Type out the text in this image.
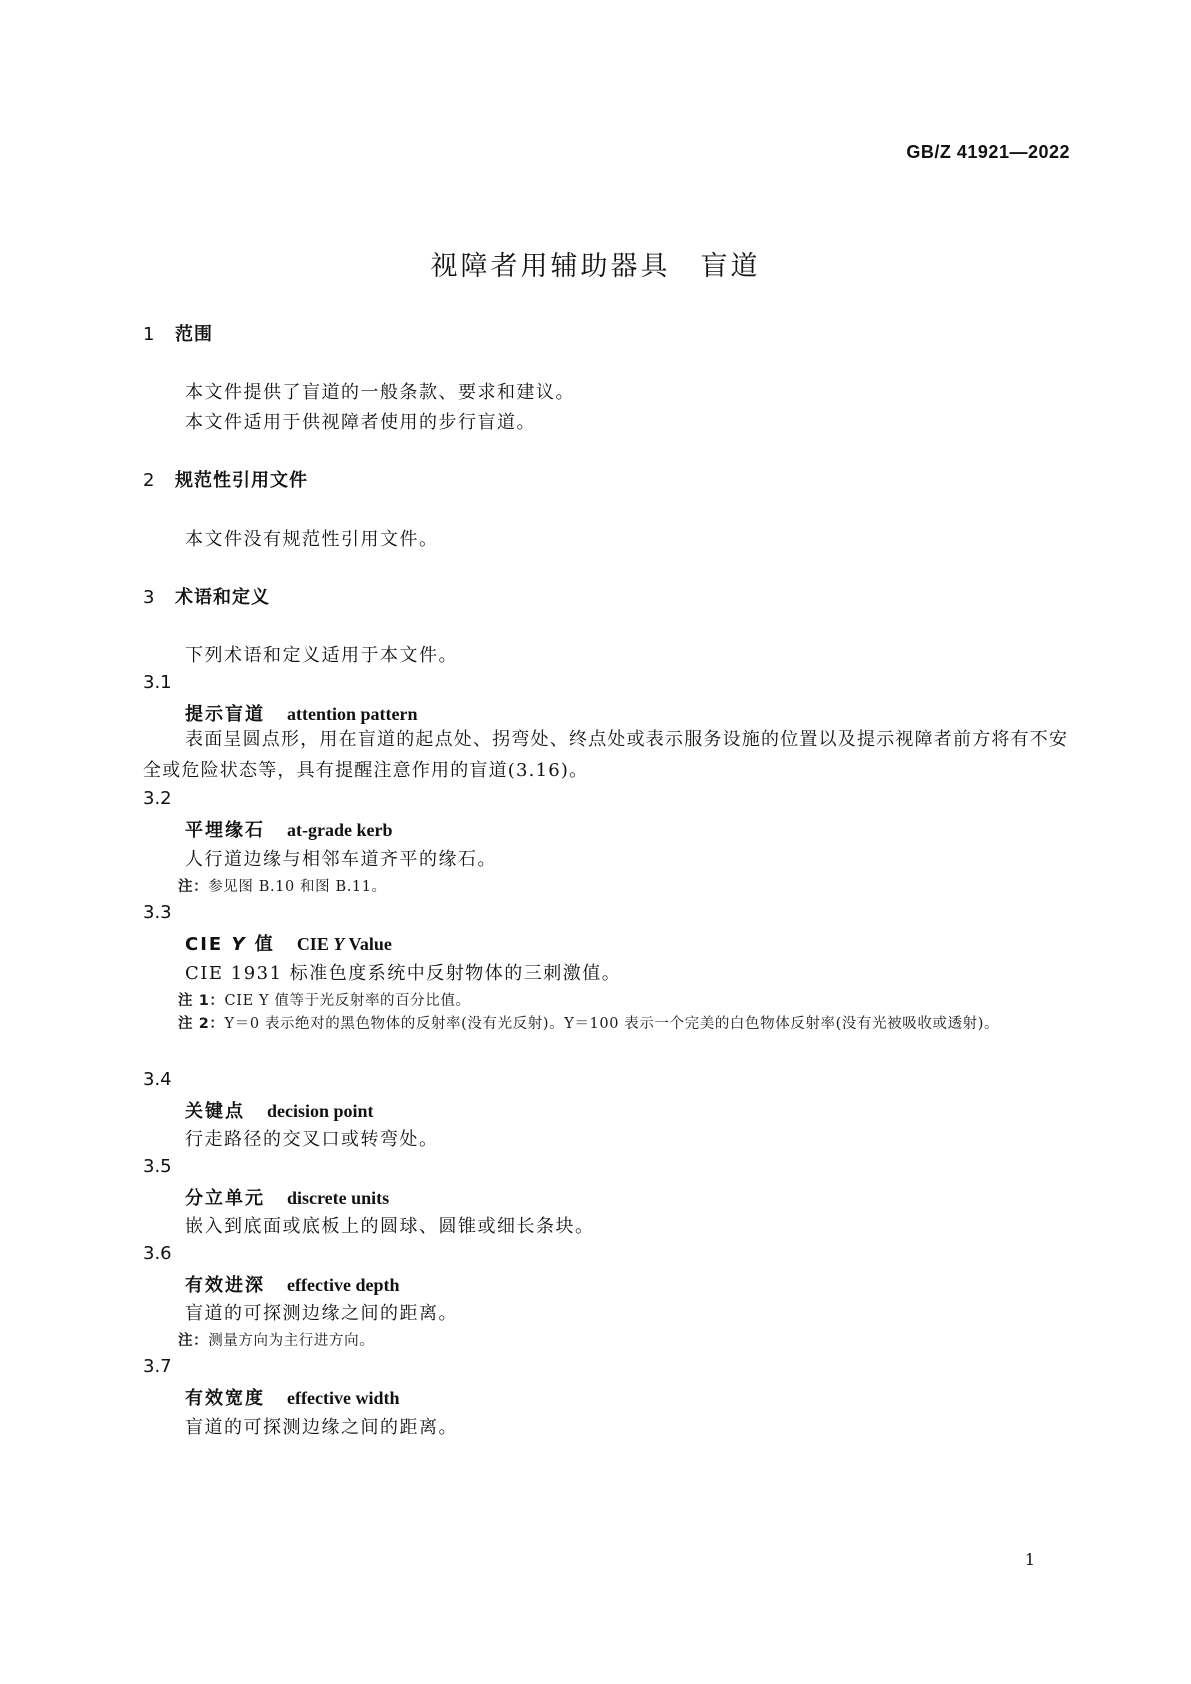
GB/Z 41921—2022
视障者用辅助器具　盲道
1 范围
本文件提供了盲道的一般条款、要求和建议。
本文件适用于供视障者使用的步行盲道。
2 规范性引用文件
本文件没有规范性引用文件。
3 术语和定义
下列术语和定义适用于本文件。
3.1
提示盲道 attention pattern
表面呈圆点形，用在盲道的起点处、拐弯处、终点处或表示服务设施的位置以及提示视障者前方将有不安全或危险状态等，具有提醒注意作用的盲道(3.16)。
3.2
平埋缘石 at-grade kerb
人行道边缘与相邻车道齐平的缘石。
注：参见图 B.10 和图 B.11。
3.3
CIE Y 值 CIE Y Value
CIE 1931 标准色度系统中反射物体的三刺激值。
注 1：CIE Y 值等于光反射率的百分比值。
注 2：Y＝0 表示绝对的黑色物体的反射率(没有光反射)。Y＝100 表示一个完美的白色物体反射率(没有光被吸收或透射)。
3.4
关键点 decision point
行走路径的交叉口或转弯处。
3.5
分立单元 discrete units
嵌入到底面或底板上的圆球、圆锥或细长条块。
3.6
有效进深 effective depth
盲道的可探测边缘之间的距离。
注：测量方向为主行进方向。
3.7
有效宽度 effective width
盲道的可探测边缘之间的距离。
1
